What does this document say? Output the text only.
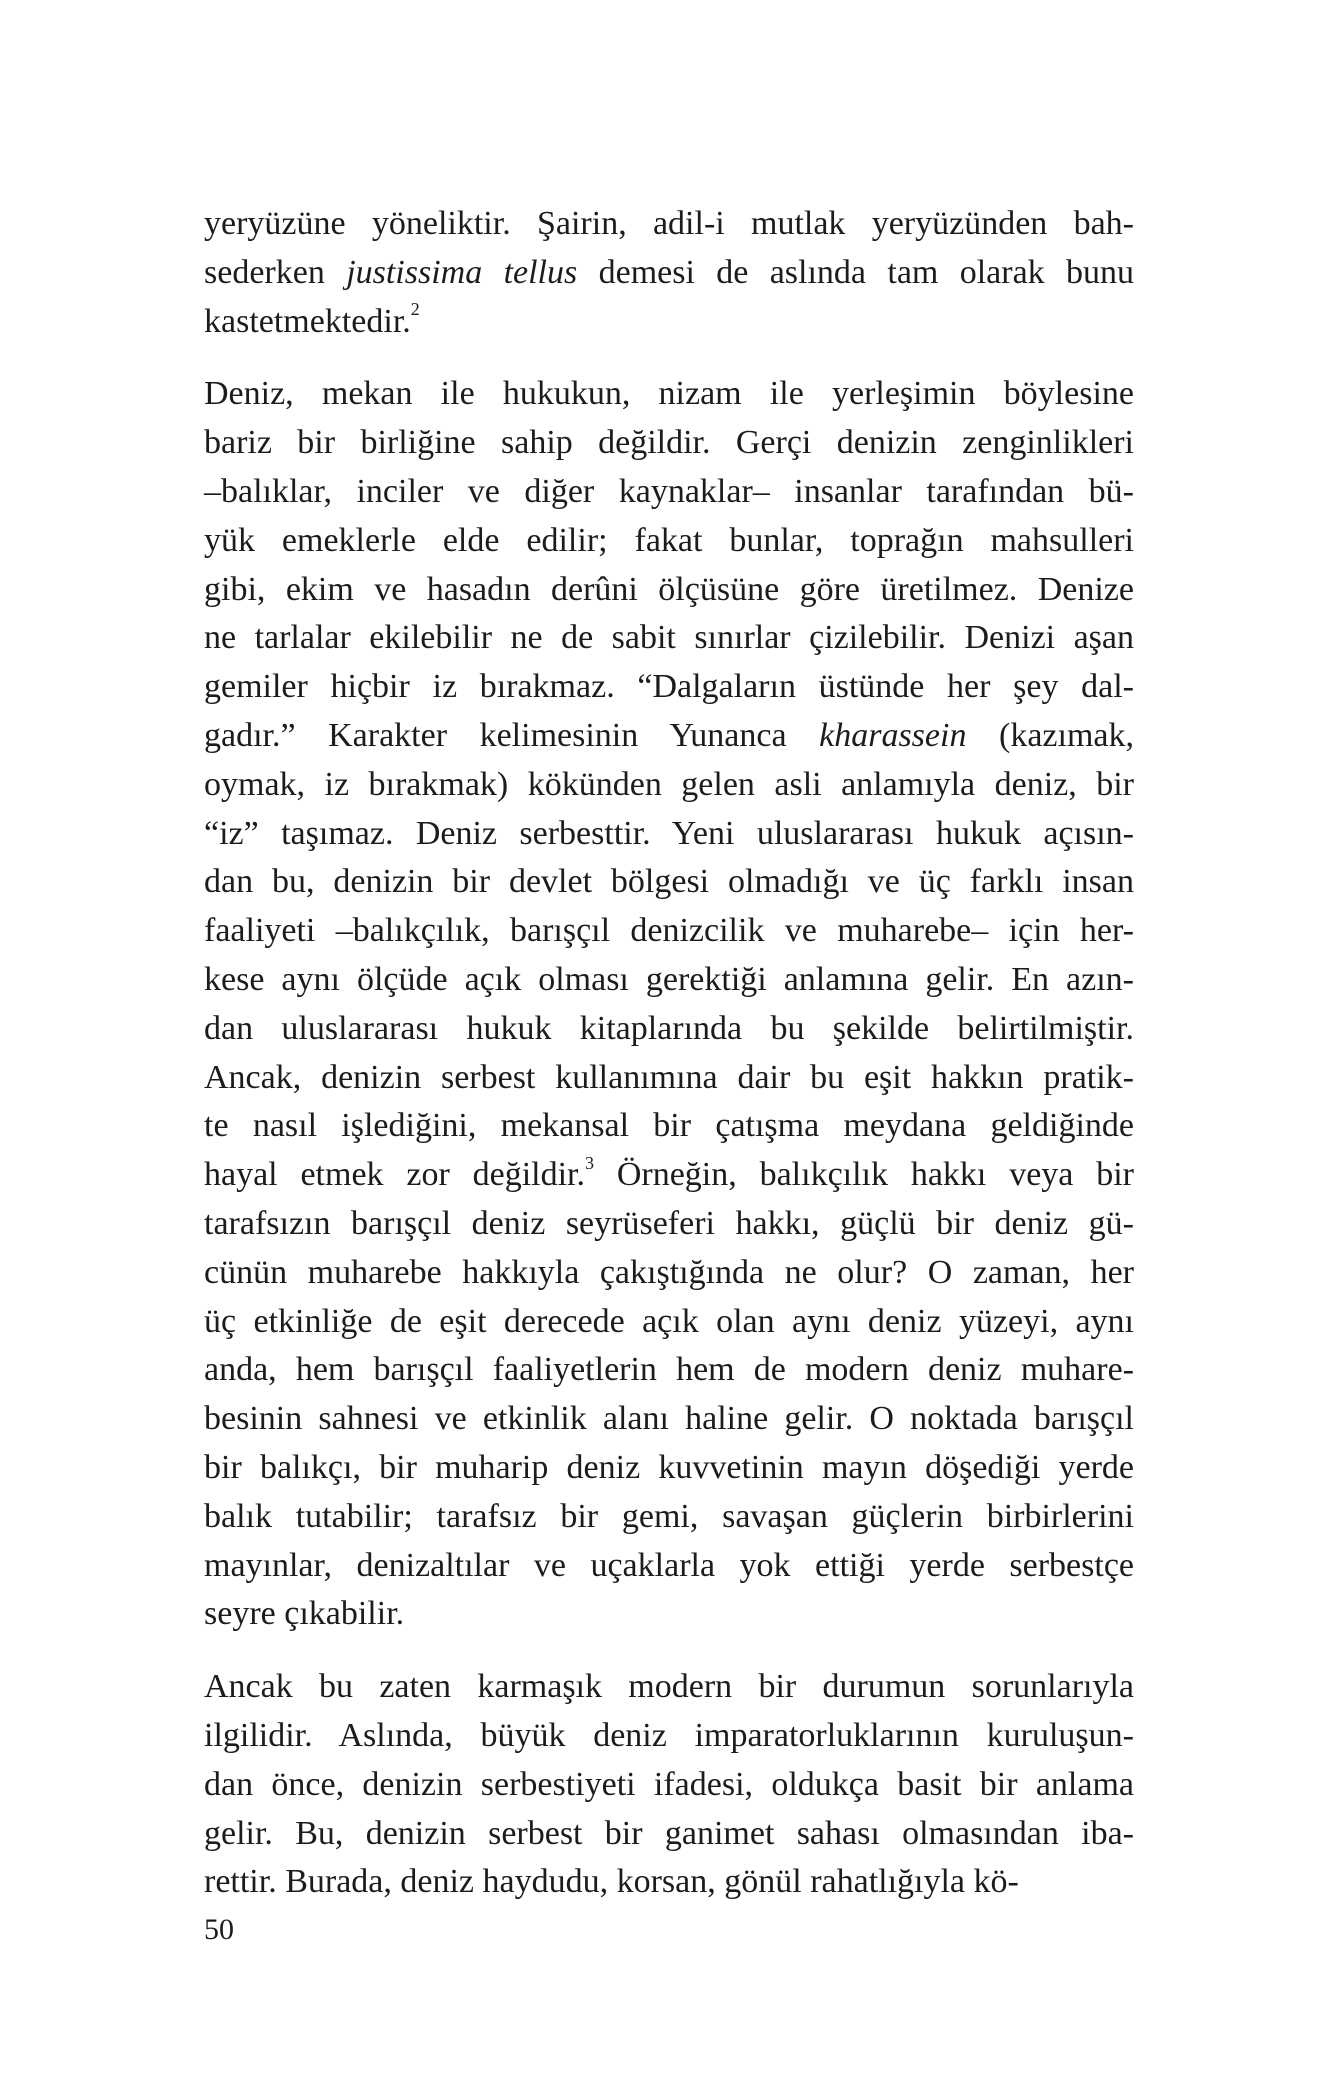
yeryüzüne yöneliktir. Şairin, adil-i mutlak yeryüzünden bah-
sederken justissima tellus demesi de aslında tam olarak bunu
kastetmektedir.$^2$
Deniz, mekan ile hukukun, nizam ile yerleşimin böylesine
bariz bir birliğine sahip değildir. Gerçi denizin zenginlikleri
–balıklar, inciler ve diğer kaynaklar– insanlar tarafından bü-
yük emeklerle elde edilir; fakat bunlar, toprağın mahsulleri
gibi, ekim ve hasadın derûni ölçüsüne göre üretilmez. Denize
ne tarlalar ekilebilir ne de sabit sınırlar çizilebilir. Denizi aşan
gemiler hiçbir iz bırakmaz. “Dalgaların üstünde her şey dal-
gadır.” Karakter kelimesinin Yunanca kharassein (kazımak,
oymak, iz bırakmak) kökünden gelen asli anlamıyla deniz, bir
“iz” taşımaz. Deniz serbesttir. Yeni uluslararası hukuk açısın-
dan bu, denizin bir devlet bölgesi olmadığı ve üç farklı insan
faaliyeti –balıkçılık, barışçıl denizcilik ve muharebe– için her-
kese aynı ölçüde açık olması gerektiği anlamına gelir. En azın-
dan uluslararası hukuk kitaplarında bu şekilde belirtilmiştir.
Ancak, denizin serbest kullanımına dair bu eşit hakkın pratik-
te nasıl işlediğini, mekansal bir çatışma meydana geldiğinde
hayal etmek zor değildir.$^3$ Örneğin, balıkçılık hakkı veya bir
tarafsızın barışçıl deniz seyrüseferi hakkı, güçlü bir deniz gü-
cünün muharebe hakkıyla çakıştığında ne olur? O zaman, her
üç etkinliğe de eşit derecede açık olan aynı deniz yüzeyi, aynı
anda, hem barışçıl faaliyetlerin hem de modern deniz muhare-
besinin sahnesi ve etkinlik alanı haline gelir. O noktada barışçıl
bir balıkçı, bir muharip deniz kuvvetinin mayın döşediği yerde
balık tutabilir; tarafsız bir gemi, savaşan güçlerin birbirlerini
mayınlar, denizaltılar ve uçaklarla yok ettiği yerde serbestçe
seyre çıkabilir.
Ancak bu zaten karmaşık modern bir durumun sorunlarıyla
ilgilidir. Aslında, büyük deniz imparatorluklarının kuruluşun-
dan önce, denizin serbestiyeti ifadesi, oldukça basit bir anlama
gelir. Bu, denizin serbest bir ganimet sahası olmasından iba-
rettir. Burada, deniz haydudu, korsan, gönül rahatlığıyla kö-
50
